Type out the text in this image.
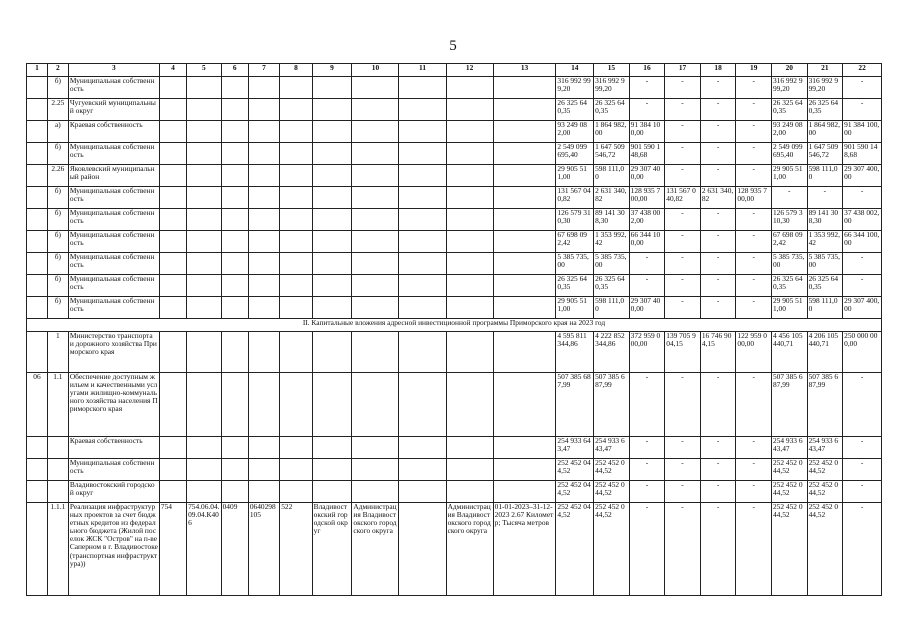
5
1	2	3	4	5	6	7	8	9	10	11	12	13	14	15	16	17	18	19	20	21	22
	б)	Муниципальная собственность											316 992 999,20	316 992 999,20	-	-	-	-	316 992 999,20	316 992 999,20	-
	2.25	Чугуевский муниципальный округ											26 325 640,35	26 325 640,35	-	-	-	-	26 325 640,35	26 325 640,35	-
	а)	Краевая собственность											93 249 082,00	1 864 982,00	91 384 100,00	-	-	-	93 249 082,00	1 864 982,00	91 384 100,00
	б)	Муниципальная собственность											2 549 099 695,40	1 647 509 546,72	901 590 148,68	-	-	-	2 549 099 695,40	1 647 509 546,72	901 590 148,68
	2.26	Яковлевский муниципальный район											29 905 511,00	598 111,00	29 307 400,00	-	-	-	29 905 511,00	598 111,00	29 307 400,00
	б)	Муниципальная собственность											131 567 040,82	2 631 340,82	128 935 700,00	131 567 040,82	2 631 340,82	128 935 700,00	-	-	-
	б)	Муниципальная собственность											126 579 310,30	89 141 308,30	37 438 002,00	-	-	-	126 579 310,30	89 141 308,30	37 438 002,00
	б)	Муниципальная собственность											67 698 092,42	1 353 992,42	66 344 100,00	-	-	-	67 698 092,42	1 353 992,42	66 344 100,00
	б)	Муниципальная собственность											5 385 735,00	5 385 735,00	-	-	-	-	5 385 735,00	5 385 735,00	-
	б)	Муниципальная собственность											26 325 640,35	26 325 640,35	-	-	-	-	26 325 640,35	26 325 640,35	-
	б)	Муниципальная собственность											29 905 511,00	598 111,00	29 307 400,00	-	-	-	29 905 511,00	598 111,00	29 307 400,00
II. Капитальные вложения адресной инвестиционной программы Приморского края на 2023 год																					
	1	Министерство транспорта и дорожного хозяйства Приморского края											4 595 811 344,86	4 222 852 344,86	372 959 000,00	139 705 904,15	16 746 904,15	122 959 000,00	4 456 105 440,71	4 206 105 440,71	250 000 000,00
06	1.1	Обеспечение доступным жильем и качественными услугами жилищно-коммунального хозяйства населения Приморского края											507 385 687,99	507 385 687,99	-	-	-	-	507 385 687,99	507 385 687,99	-
		Краевая собственность											254 933 643,47	254 933 643,47	-	-	-	-	254 933 643,47	254 933 643,47	-
		Муниципальная собственность											252 452 044,52	252 452 044,52	-	-	-	-	252 452 044,52	252 452 044,52	-
		Владивостокский городской округ											252 452 044,52	252 452 044,52	-	-	-	-	252 452 044,52	252 452 044,52	-
	1.1.1	Реализация инфраструктурных проектов за счет бюджетных кредитов из федерального бюджета (Жилой поселок ЖСК "Остров" на п-ве Саперном в г. Владивостоке (транспортная инфраструктура))	754	754.06.04.09.04.К406	0409	0640298105	522	Владивостокский городской округ	Администрация Владивостокского городского округа		Администрация Владивостокского городского округа	01-01-2023–31-12-2023 2.67 Километр; Тысяча метров	252 452 044,52	252 452 044,52	-	-	-	-	252 452 044,52	252 452 044,52	-
